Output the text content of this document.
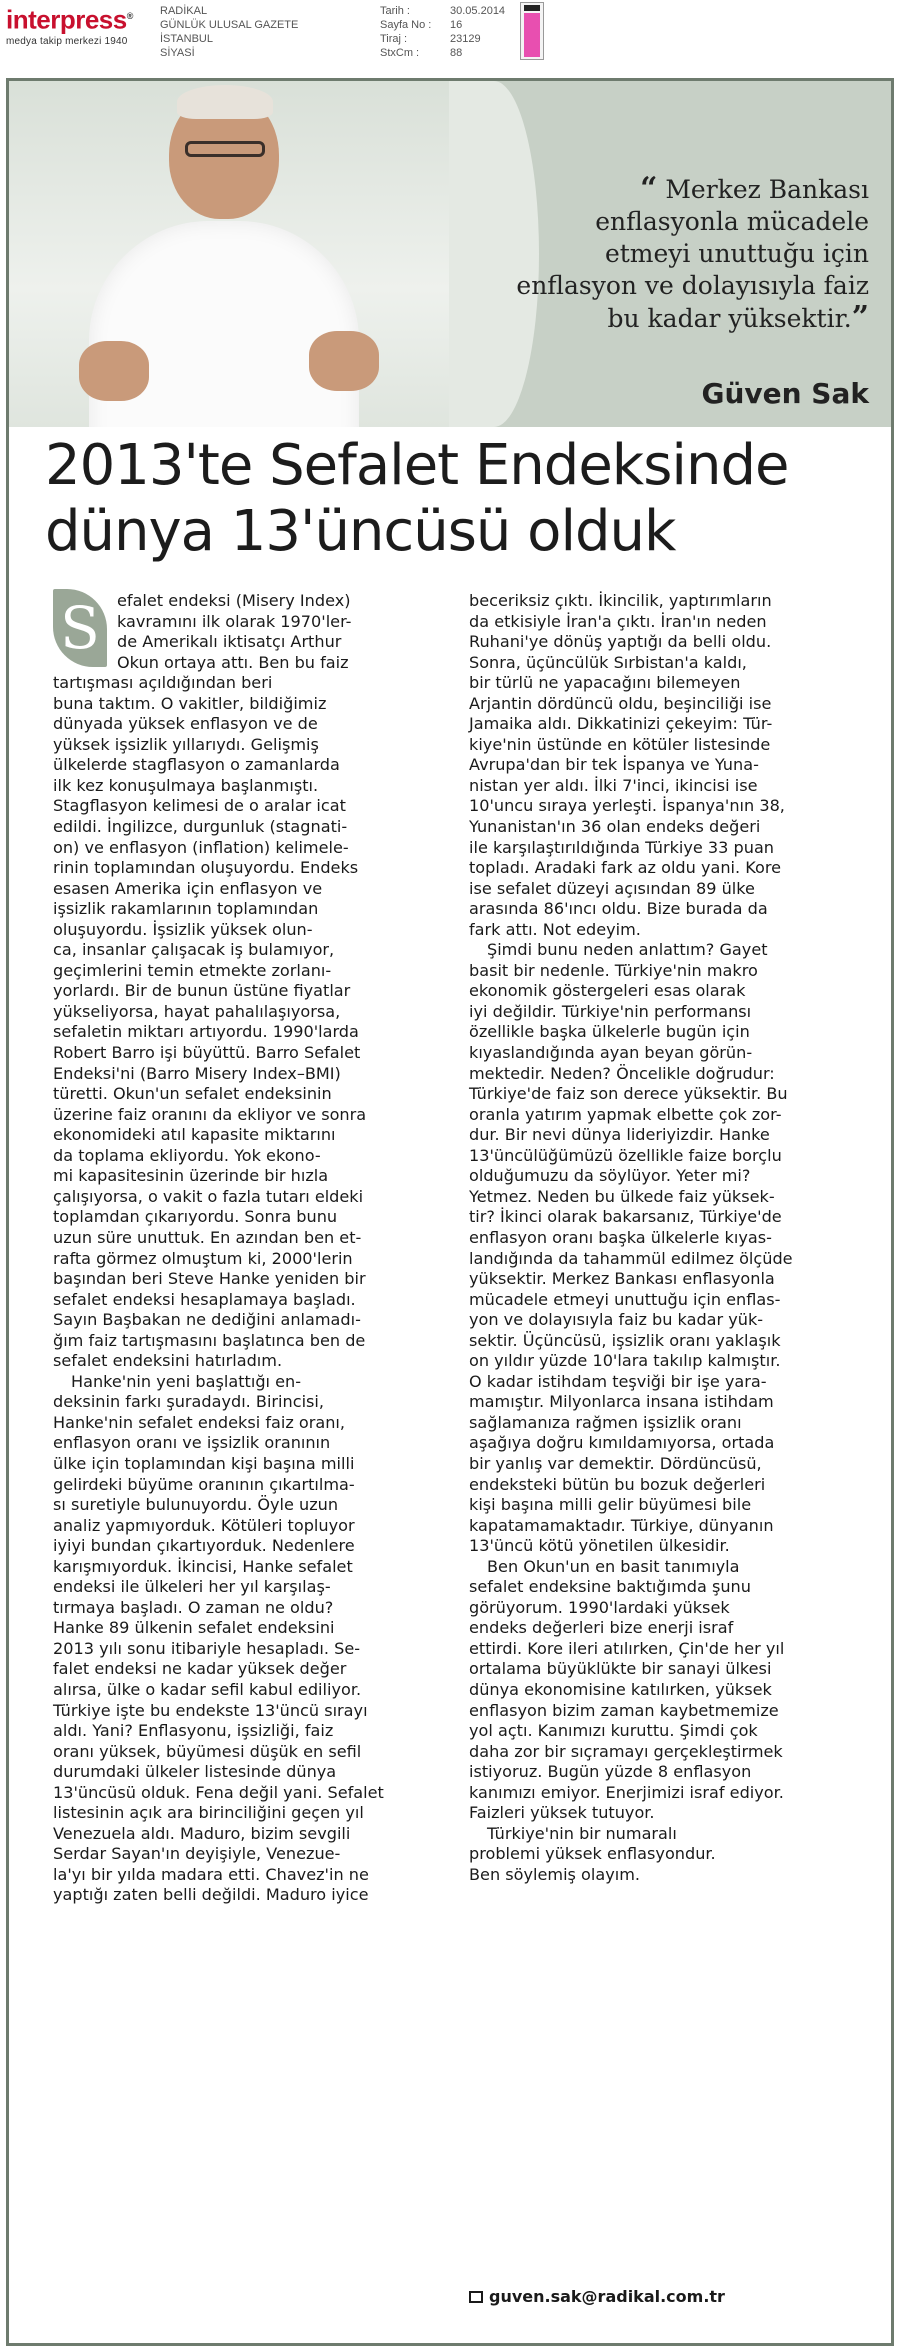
interpress®
medya takip merkezi 1940
RADİKAL
GÜNLÜK ULUSAL GAZETE
İSTANBUL
SİYASİ
Tarih :	30.05.2014
Sayfa No :	16
Tiraj :	23129
StxCm :	88
“ Merkez Bankası enflasyonla mücadele etmeyi unuttuğu için enflasyon ve dolayısıyla faiz bu kadar yüksektir.”
Güven Sak
2013'te Sefalet Endeksinde
dünya 13'üncüsü olduk
S	efalet endeksi (Misery Index)
kavramını ilk olarak 1970'ler-
de Amerikalı iktisatçı Arthur
Okun ortaya attı. Ben bu faiz
tartışması açıldığından beri
buna taktım. O vakitler, bildiğimiz
dünyada yüksek enflasyon ve de
yüksek işsizlik yıllarıydı. Gelişmiş
ülkelerde stagflasyon o zamanlarda
ilk kez konuşulmaya başlanmıştı.
Stagflasyon kelimesi de o aralar icat
edildi. İngilizce, durgunluk (stagnati-
on) ve enflasyon (inflation) kelimele-
rinin toplamından oluşuyordu. Endeks
esasen Amerika için enflasyon ve
işsizlik rakamlarının toplamından
oluşuyordu. İşsizlik yüksek olun-
ca, insanlar çalışacak iş bulamıyor,
geçimlerini temin etmekte zorlanı-
yorlardı. Bir de bunun üstüne fiyatlar
yükseliyorsa, hayat pahalılaşıyorsa,
sefaletin miktarı artıyordu. 1990'larda
Robert Barro işi büyüttü. Barro Sefalet
Endeksi'ni (Barro Misery Index–BMI)
türetti. Okun'un sefalet endeksinin
üzerine faiz oranını da ekliyor ve sonra
ekonomideki atıl kapasite miktarını
da toplama ekliyordu. Yok ekono-
mi kapasitesinin üzerinde bir hızla
çalışıyorsa, o vakit o fazla tutarı eldeki
toplamdan çıkarıyordu. Sonra bunu
uzun süre unuttuk. En azından ben et-
rafta görmez olmuştum ki, 2000'lerin
başından beri Steve Hanke yeniden bir
sefalet endeksi hesaplamaya başladı.
Sayın Başbakan ne dediğini anlamadı-
ğım faiz tartışmasını başlatınca ben de
sefalet endeksini hatırladım.
Hanke'nin yeni başlattığı en-
deksinin farkı şuradaydı. Birincisi,
Hanke'nin sefalet endeksi faiz oranı,
enflasyon oranı ve işsizlik oranının
ülke için toplamından kişi başına milli
gelirdeki büyüme oranının çıkartılma-
sı suretiyle bulunuyordu. Öyle uzun
analiz yapmıyorduk. Kötüleri topluyor
iyiyi bundan çıkartıyorduk. Nedenlere
karışmıyorduk. İkincisi, Hanke sefalet
endeksi ile ülkeleri her yıl karşılaş-
tırmaya başladı. O zaman ne oldu?
Hanke 89 ülkenin sefalet endeksini
2013 yılı sonu itibariyle hesapladı. Se-
falet endeksi ne kadar yüksek değer
alırsa, ülke o kadar sefil kabul ediliyor.
Türkiye işte bu endekste 13'üncü sırayı
aldı. Yani? Enflasyonu, işsizliği, faiz
oranı yüksek, büyümesi düşük en sefil
durumdaki ülkeler listesinde dünya
13'üncüsü olduk. Fena değil yani. Sefalet
listesinin açık ara birinciliğini geçen yıl
Venezuela aldı. Maduro, bizim sevgili
Serdar Sayan'ın deyişiyle, Venezue-
la'yı bir yılda madara etti. Chavez'in ne
yaptığı zaten belli değildi. Maduro iyice
beceriksiz çıktı. İkincilik, yaptırımların
da etkisiyle İran'a çıktı. İran'ın neden
Ruhani'ye dönüş yaptığı da belli oldu.
Sonra, üçüncülük Sırbistan'a kaldı,
bir türlü ne yapacağını bilemeyen
Arjantin dördüncü oldu, beşinciliği ise
Jamaika aldı. Dikkatinizi çekeyim: Tür-
kiye'nin üstünde en kötüler listesinde
Avrupa'dan bir tek İspanya ve Yuna-
nistan yer aldı. İlki 7'inci, ikincisi ise
10'uncu sıraya yerleşti. İspanya'nın 38,
Yunanistan'ın 36 olan endeks değeri
ile karşılaştırıldığında Türkiye 33 puan
topladı. Aradaki fark az oldu yani. Kore
ise sefalet düzeyi açısından 89 ülke
arasında 86'ıncı oldu. Bize burada da
fark attı. Not edeyim.
Şimdi bunu neden anlattım? Gayet
basit bir nedenle. Türkiye'nin makro
ekonomik göstergeleri esas olarak
iyi değildir. Türkiye'nin performansı
özellikle başka ülkelerle bugün için
kıyaslandığında ayan beyan görün-
mektedir. Neden? Öncelikle doğrudur:
Türkiye'de faiz son derece yüksektir. Bu
oranla yatırım yapmak elbette çok zor-
dur. Bir nevi dünya lideriyizdir. Hanke
13'üncülüğümüzü özellikle faize borçlu
olduğumuzu da söylüyor. Yeter mi?
Yetmez. Neden bu ülkede faiz yüksek-
tir? İkinci olarak bakarsanız, Türkiye'de
enflasyon oranı başka ülkelerle kıyas-
landığında da tahammül edilmez ölçüde
yüksektir. Merkez Bankası enflasyonla
mücadele etmeyi unuttuğu için enflas-
yon ve dolayısıyla faiz bu kadar yük-
sektir. Üçüncüsü, işsizlik oranı yaklaşık
on yıldır yüzde 10'lara takılıp kalmıştır.
O kadar istihdam teşviği bir işe yara-
mamıştır. Milyonlarca insana istihdam
sağlamanıza rağmen işsizlik oranı
aşağıya doğru kımıldamıyorsa, ortada
bir yanlış var demektir. Dördüncüsü,
endeksteki bütün bu bozuk değerleri
kişi başına milli gelir büyümesi bile
kapatamamaktadır. Türkiye, dünyanın
13'üncü kötü yönetilen ülkesidir.
Ben Okun'un en basit tanımıyla
sefalet endeksine baktığımda şunu
görüyorum. 1990'lardaki yüksek
endeks değerleri bize enerji israf
ettirdi. Kore ileri atılırken, Çin'de her yıl
ortalama büyüklükte bir sanayi ülkesi
dünya ekonomisine katılırken, yüksek
enflasyon bizim zaman kaybetmemize
yol açtı. Kanımızı kuruttu. Şimdi çok
daha zor bir sıçramayı gerçekleştirmek
istiyoruz. Bugün yüzde 8 enflasyon
kanımızı emiyor. Enerjimizi israf ediyor.
Faizleri yüksek tutuyor.
Türkiye'nin bir numaralı
problemi yüksek enflasyondur.
Ben söylemiş olayım.
guven.sak@radikal.com.tr
